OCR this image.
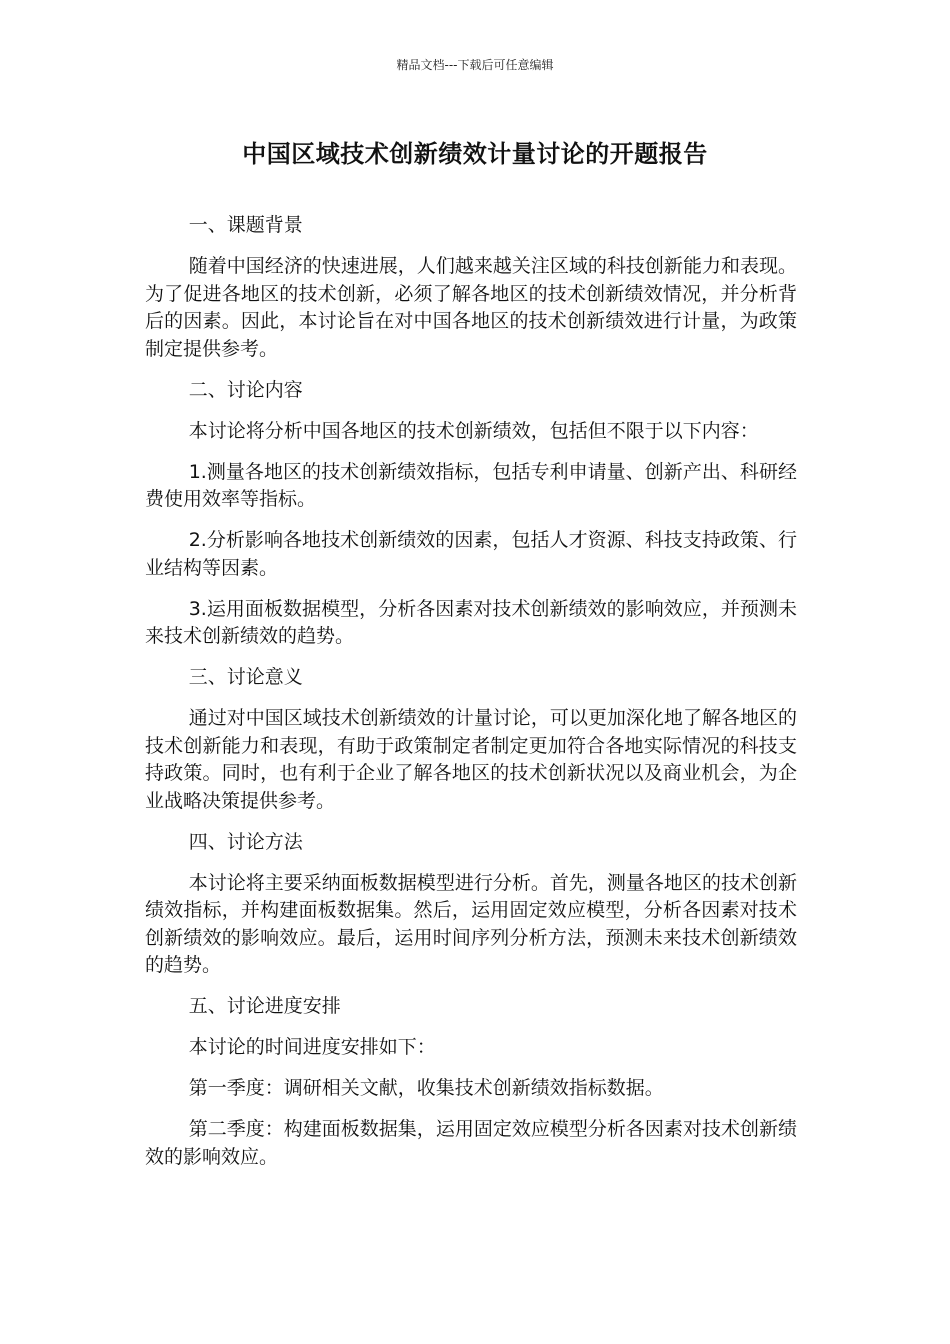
精品文档---下载后可任意编辑
中国区域技术创新绩效计量讨论的开题报告

一、课题背景

随着中国经济的快速进展，人们越来越关注区域的科技创新能力和表现。为了促进各地区的技术创新，必须了解各地区的技术创新绩效情况，并分析背后的因素。因此，本讨论旨在对中国各地区的技术创新绩效进行计量，为政策制定提供参考。

二、讨论内容

本讨论将分析中国各地区的技术创新绩效，包括但不限于以下内容：

1.测量各地区的技术创新绩效指标，包括专利申请量、创新产出、科研经费使用效率等指标。

2.分析影响各地技术创新绩效的因素，包括人才资源、科技支持政策、行业结构等因素。

3.运用面板数据模型，分析各因素对技术创新绩效的影响效应，并预测未来技术创新绩效的趋势。

三、讨论意义

通过对中国区域技术创新绩效的计量讨论，可以更加深化地了解各地区的技术创新能力和表现，有助于政策制定者制定更加符合各地实际情况的科技支持政策。同时，也有利于企业了解各地区的技术创新状况以及商业机会，为企业战略决策提供参考。

四、讨论方法

本讨论将主要采纳面板数据模型进行分析。首先，测量各地区的技术创新绩效指标，并构建面板数据集。然后，运用固定效应模型，分析各因素对技术创新绩效的影响效应。最后，运用时间序列分析方法，预测未来技术创新绩效的趋势。

五、讨论进度安排

本讨论的时间进度安排如下：

第一季度：调研相关文献，收集技术创新绩效指标数据。

第二季度：构建面板数据集，运用固定效应模型分析各因素对技术创新绩效的影响效应。
